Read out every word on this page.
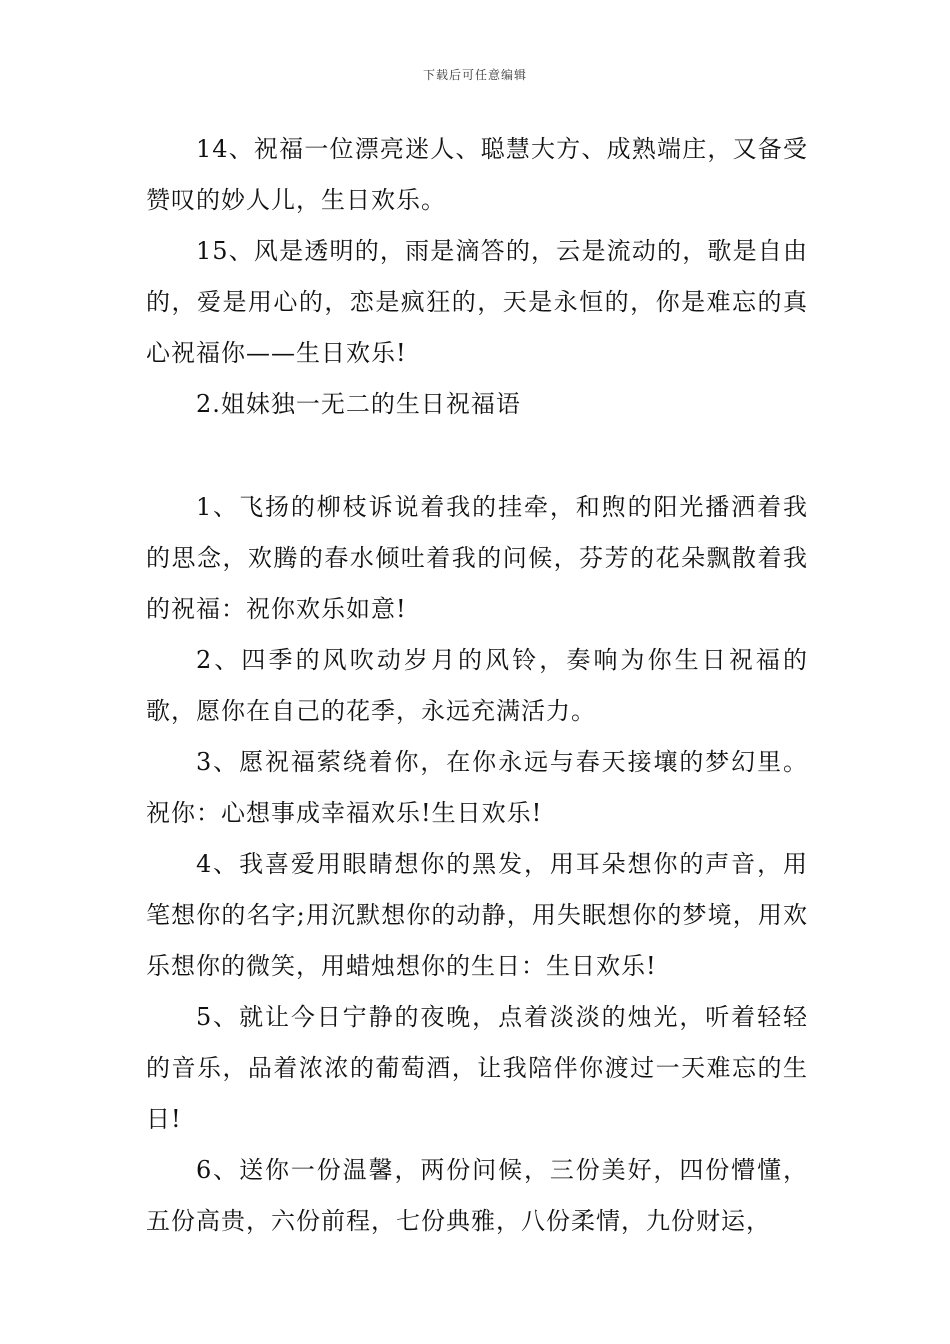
下载后可任意编辑

14、祝福一位漂亮迷人、聪慧大方、成熟端庄，又备受赞叹的妙人儿，生日欢乐。

15、风是透明的，雨是滴答的，云是流动的，歌是自由的，爱是用心的，恋是疯狂的，天是永恒的，你是难忘的真心祝福你——生日欢乐!

2.姐妹独一无二的生日祝福语

1、飞扬的柳枝诉说着我的挂牵，和煦的阳光播洒着我的思念，欢腾的春水倾吐着我的问候，芬芳的花朵飘散着我的祝福：祝你欢乐如意!

2、四季的风吹动岁月的风铃，奏响为你生日祝福的歌，愿你在自己的花季，永远充满活力。

3、愿祝福萦绕着你，在你永远与春天接壤的梦幻里。祝你：心想事成幸福欢乐!生日欢乐!

4、我喜爱用眼睛想你的黑发，用耳朵想你的声音，用笔想你的名字;用沉默想你的动静，用失眠想你的梦境，用欢乐想你的微笑，用蜡烛想你的生日：生日欢乐!

5、就让今日宁静的夜晚，点着淡淡的烛光，听着轻轻的音乐，品着浓浓的葡萄酒，让我陪伴你渡过一天难忘的生日!

6、送你一份温馨，两份问候，三份美好，四份懵懂，五份高贵，六份前程，七份典雅，八份柔情，九份财运，
